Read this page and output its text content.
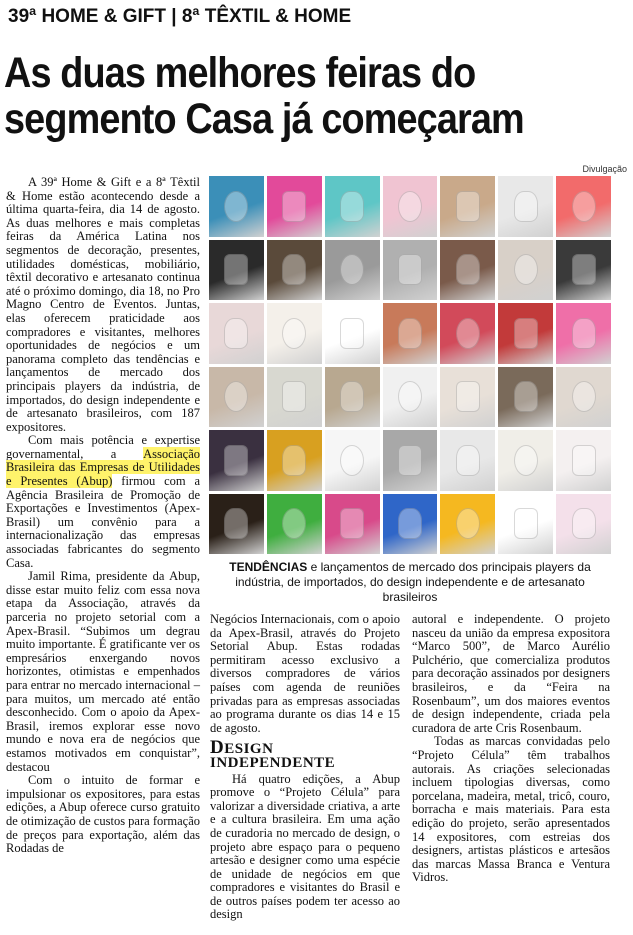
39ª HOME & GIFT | 8ª TÊXTIL & HOME
As duas melhores feiras do
segmento Casa já começaram
Divulgação

A 39ª Home & Gift e a 8ª Têxtil & Home estão acontecendo desde a última quarta-feira, dia 14 de agosto. As duas melhores e mais completas feiras da América Latina nos segmentos de decoração, presentes, utilidades domésticas, mobiliário, têxtil decorativo e artesanato continua até o próximo domingo, dia 18, no Pro Magno Centro de Eventos. Juntas, elas oferecem praticidade aos compradores e visitantes, melhores oportunidades de negócios e um panorama completo das tendências e lançamentos de mercado dos principais players da indústria, de importados, do design independente e de artesanato brasileiros, com 187 expositores.

Com mais potência e expertise governamental, a Associação Brasileira das Empresas de Utilidades e Presentes (Abup) firmou com a Agência Brasileira de Promoção de Exportações e Investimentos (Apex-Brasil) um convênio para a internacionalização das empresas associadas fabricantes do segmento Casa.

Jamil Rima, presidente da Abup, disse estar muito feliz com essa nova etapa da Associação, através da parceria no projeto setorial com a Apex-Brasil. “Subimos um degrau muito importante. É gratificante ver os empresários enxergando novos horizontes, otimistas e empenhados para entrar no mercado internacional – para muitos, um mercado até então desconhecido. Com o apoio da Apex-Brasil, iremos explorar esse novo mundo e nova era de negócios que estamos motivados em conquistar”, destacou

Com o intuito de formar e impulsionar os expositores, para estas edições, a Abup oferece curso gratuito de otimização de custos para formação de preços para exportação, além das Rodadas de

TENDÊNCIAS e lançamentos de mercado dos principais players da indústria, de importados, do design independente e de artesanato brasileiros

Negócios Internacionais, com o apoio da Apex-Brasil, através do Projeto Setorial Abup. Estas rodadas permitiram acesso exclusivo a diversos compradores de vários países com agenda de reuniões privadas para as empresas associadas ao programa durante os dias 14 e 15 de agosto.

DESIGN INDEPENDENTE

Há quatro edições, a Abup promove o “Projeto Célula” para valorizar a diversidade criativa, a arte e a cultura brasileira. Em uma ação de curadoria no mercado de design, o projeto abre espaço para o pequeno artesão e designer como uma espécie de unidade de negócios em que compradores e visitantes do Brasil e de outros países podem ter acesso ao design

autoral e independente. O projeto nasceu da união da empresa expositora “Marco 500”, de Marco Aurélio Pulchério, que comercializa produtos para decoração assinados por designers brasileiros, e da “Feira na Rosenbaum”, um dos maiores eventos de design independente, criada pela curadora de arte Cris Rosenbaum.

Todas as marcas convidadas pelo “Projeto Célula” têm trabalhos autorais. As criações selecionadas incluem tipologias diversas, como porcelana, madeira, metal, tricô, couro, borracha e mais materiais. Para esta edição do projeto, serão apresentados 14 expositores, com estreias dos designers, artistas plásticos e artesãos das marcas Massa Branca e Ventura Vidros.
